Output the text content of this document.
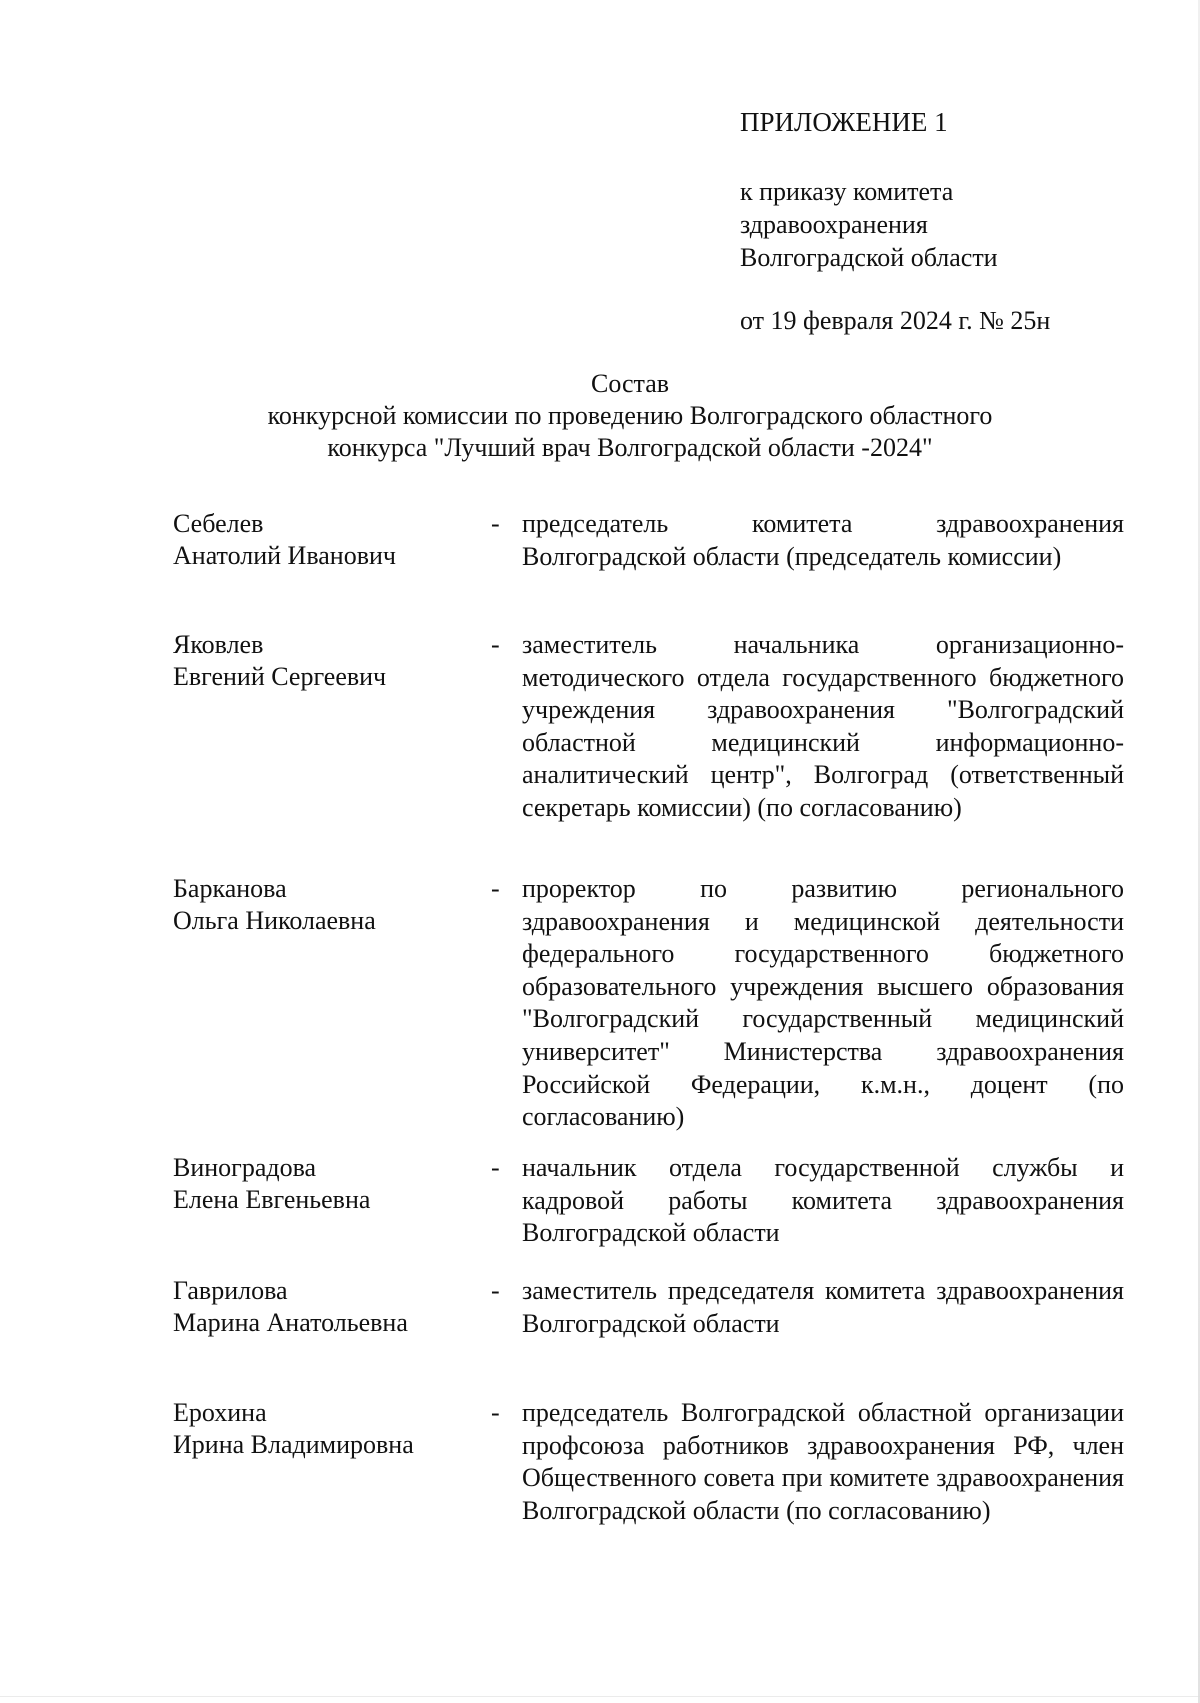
ПРИЛОЖЕНИЕ 1
к приказу комитета
здравоохранения
Волгоградской области
от 19 февраля 2024 г. № 25н
Состав
конкурсной комиссии по проведению Волгоградского областного
конкурса "Лучший врач Волгоградской области -2024"
Себелев
Анатолий Иванович
- председатель комитета здравоохранения Волгоградской области (председатель комиссии)
Яковлев
Евгений Сергеевич
- заместитель начальника организационно-методического отдела государственного бюджетного учреждения здравоохранения "Волгоградский областной медицинский информационно-аналитический центр", Волгоград (ответственный секретарь комиссии) (по согласованию)
Барканова
Ольга Николаевна
- проректор по развитию регионального здравоохранения и медицинской деятельности федерального государственного бюджетного образовательного учреждения высшего образования "Волгоградский государственный медицинский университет" Министерства здравоохранения Российской Федерации, к.м.н., доцент (по согласованию)
Виноградова
Елена Евгеньевна
- начальник отдела государственной службы и кадровой работы комитета здравоохранения Волгоградской области
Гаврилова
Марина Анатольевна
- заместитель председателя комитета здравоохранения Волгоградской области
Ерохина
Ирина Владимировна
- председатель Волгоградской областной организации профсоюза работников здравоохранения РФ, член Общественного совета при комитете здравоохранения Волгоградской области (по согласованию)
